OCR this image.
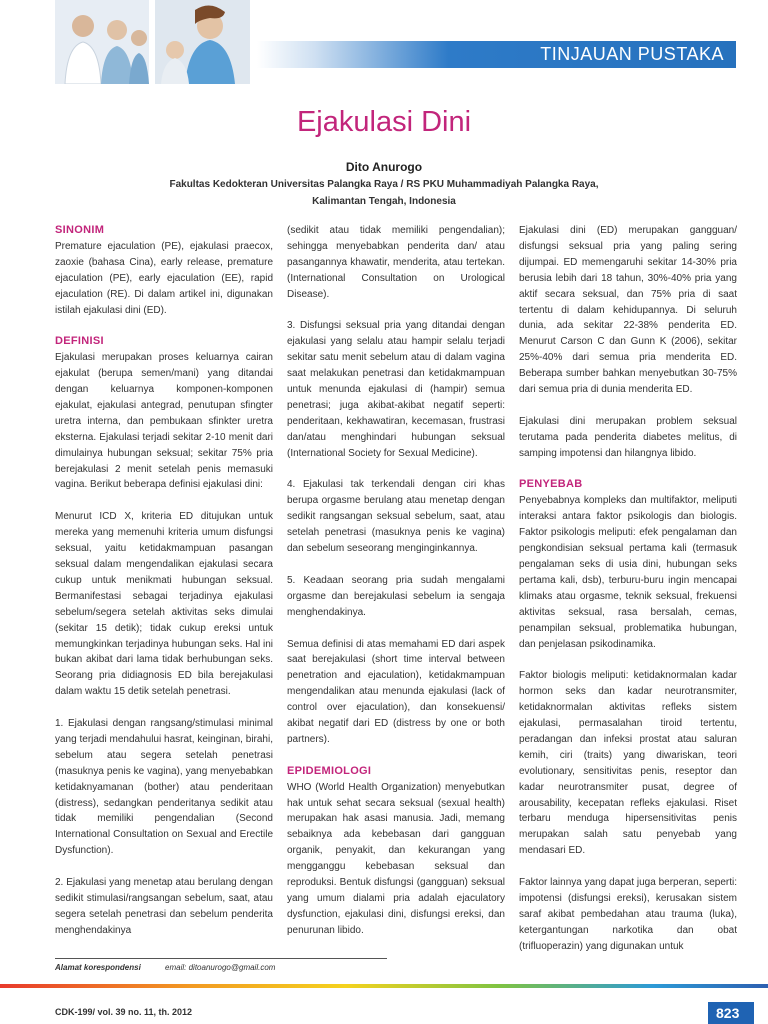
TINJAUAN PUSTAKA
Ejakulasi Dini
Dito Anurogo
Fakultas Kedokteran Universitas Palangka Raya / RS PKU Muhammadiyah Palangka Raya, Kalimantan Tengah, Indonesia
SINONIM

Premature ejaculation (PE), ejakulasi praecox, zaoxie (bahasa Cina), early release, premature ejaculation (PE), early ejaculation (EE), rapid ejaculation (RE). Di dalam artikel ini, digunakan istilah ejakulasi dini (ED).

DEFINISI

Ejakulasi merupakan proses keluarnya cairan ejakulat (berupa semen/mani) yang ditandai dengan keluarnya komponen-komponen ejakulat, ejakulasi antegrad, penutupan sfingter uretra interna, dan pembukaan sfinkter uretra eksterna. Ejakulasi terjadi sekitar 2-10 menit dari dimulainya hubungan seksual; sekitar 75% pria berejakulasi 2 menit setelah penis memasuki vagina. Berikut beberapa definisi ejakulasi dini:

Menurut ICD X, kriteria ED ditujukan untuk mereka yang memenuhi kriteria umum disfungsi seksual, yaitu ketidakmampuan pasangan seksual dalam mengendalikan ejakulasi secara cukup untuk menikmati hubungan seksual. Bermanifestasi sebagai terjadinya ejakulasi sebelum/segera setelah aktivitas seks dimulai (sekitar 15 detik); tidak cukup ereksi untuk memungkinkan terjadinya hubungan seks. Hal ini bukan akibat dari lama tidak berhubungan seks. Seorang pria didiagnosis ED bila berejakulasi dalam waktu 15 detik setelah penetrasi.

1. Ejakulasi dengan rangsang/stimulasi minimal yang terjadi mendahului hasrat, keinginan, birahi, sebelum atau segera setelah penetrasi (masuknya penis ke vagina), yang menyebabkan ketidaknyamanan (bother) atau penderitaan (distress), sedangkan penderitanya sedikit atau tidak memiliki pengendalian (Second International Consultation on Sexual and Erectile Dysfunction).

2. Ejakulasi yang menetap atau berulang dengan sedikit stimulasi/rangsangan sebelum, saat, atau segera setelah penetrasi dan sebelum penderita menghendakinya

(sedikit atau tidak memiliki pengendalian); sehingga menyebabkan penderita dan/ atau pasangannya khawatir, menderita, atau tertekan. (International Consultation on Urological Disease).

3. Disfungsi seksual pria yang ditandai dengan ejakulasi yang selalu atau hampir selalu terjadi sekitar satu menit sebelum atau di dalam vagina saat melakukan penetrasi dan ketidakmampuan untuk menunda ejakulasi di (hampir) semua penetrasi; juga akibat-akibat negatif seperti: penderitaan, kekhawatiran, kecemasan, frustrasi dan/atau menghindari hubungan seksual (International Society for Sexual Medicine).

4. Ejakulasi tak terkendali dengan ciri khas berupa orgasme berulang atau menetap dengan sedikit rangsangan seksual sebelum, saat, atau setelah penetrasi (masuknya penis ke vagina) dan sebelum seseorang menginginkannya.

5. Keadaan seorang pria sudah mengalami orgasme dan berejakulasi sebelum ia sengaja menghendakinya.

Semua definisi di atas memahami ED dari aspek saat berejakulasi (short time interval between penetration and ejaculation), ketidakmampuan mengendalikan atau menunda ejakulasi (lack of control over ejaculation), dan konsekuensi/ akibat negatif dari ED (distress by one or both partners).

EPIDEMIOLOGI

WHO (World Health Organization) menyebutkan hak untuk sehat secara seksual (sexual health) merupakan hak asasi manusia. Jadi, memang sebaiknya ada kebebasan dari gangguan organik, penyakit, dan kekurangan yang mengganggu kebebasan seksual dan reproduksi. Bentuk disfungsi (gangguan) seksual yang umum dialami pria adalah ejaculatory dysfunction, ejakulasi dini, disfungsi ereksi, dan penurunan libido.

Ejakulasi dini (ED) merupakan gangguan/ disfungsi seksual pria yang paling sering dijumpai. ED memengaruhi sekitar 14-30% pria berusia lebih dari 18 tahun, 30%-40% pria yang aktif secara seksual, dan 75% pria di saat tertentu di dalam kehidupannya. Di seluruh dunia, ada sekitar 22-38% penderita ED. Menurut Carson C dan Gunn K (2006), sekitar 25%-40% dari semua pria menderita ED. Beberapa sumber bahkan menyebutkan 30-75% dari semua pria di dunia menderita ED.

Ejakulasi dini merupakan problem seksual terutama pada penderita diabetes melitus, di samping impotensi dan hilangnya libido.

PENYEBAB

Penyebabnya kompleks dan multifaktor, meliputi interaksi antara faktor psikologis dan biologis. Faktor psikologis meliputi: efek pengalaman dan pengkondisian seksual pertama kali (termasuk pengalaman seks di usia dini, hubungan seks pertama kali, dsb), terburu-buru ingin mencapai klimaks atau orgasme, teknik seksual, frekuensi aktivitas seksual, rasa bersalah, cemas, penampilan seksual, problematika hubungan, dan penjelasan psikodinamika.

Faktor biologis meliputi: ketidaknormalan kadar hormon seks dan kadar neurotransmiter, ketidaknormalan aktivitas refleks sistem ejakulasi, permasalahan tiroid tertentu, peradangan dan infeksi prostat atau saluran kemih, ciri (traits) yang diwariskan, teori evolutionary, sensitivitas penis, reseptor dan kadar neurotransmiter pusat, degree of arousability, kecepatan refleks ejakulasi. Riset terbaru menduga hipersensitivitas penis merupakan salah satu penyebab yang mendasari ED.

Faktor lainnya yang dapat juga berperan, seperti: impotensi (disfungsi ereksi), kerusakan sistem saraf akibat pembedahan atau trauma (luka), ketergantungan narkotika dan obat (trifluoperazin) yang digunakan untuk

Alamat korespondensi	email: ditoanurogo@gmail.com
CDK-199/ vol. 39 no. 11, th. 2012	823
